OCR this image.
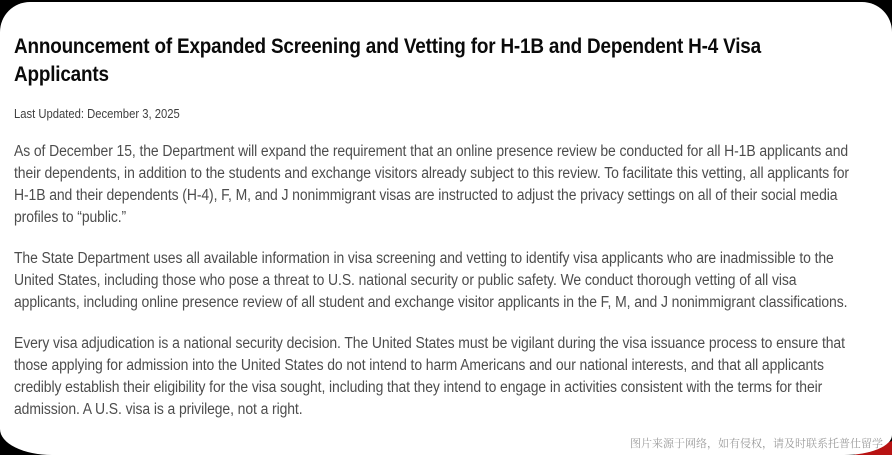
Announcement of Expanded Screening and Vetting for H-1B and Dependent H-4 Visa Applicants
Last Updated: December 3, 2025

As of December 15, the Department will expand the requirement that an online presence review be conducted for all H-1B applicants and their dependents, in addition to the students and exchange visitors already subject to this review. To facilitate this vetting, all applicants for H-1B and their dependents (H-4), F, M, and J nonimmigrant visas are instructed to adjust the privacy settings on all of their social media profiles to “public.”

The State Department uses all available information in visa screening and vetting to identify visa applicants who are inadmissible to the United States, including those who pose a threat to U.S. national security or public safety. We conduct thorough vetting of all visa applicants, including online presence review of all student and exchange visitor applicants in the F, M, and J nonimmigrant classifications.

Every visa adjudication is a national security decision. The United States must be vigilant during the visa issuance process to ensure that those applying for admission into the United States do not intend to harm Americans and our national interests, and that all applicants credibly establish their eligibility for the visa sought, including that they intend to engage in activities consistent with the terms for their admission. A U.S. visa is a privilege, not a right.

图片来源于网络，如有侵权，请及时联系托普仕留学
